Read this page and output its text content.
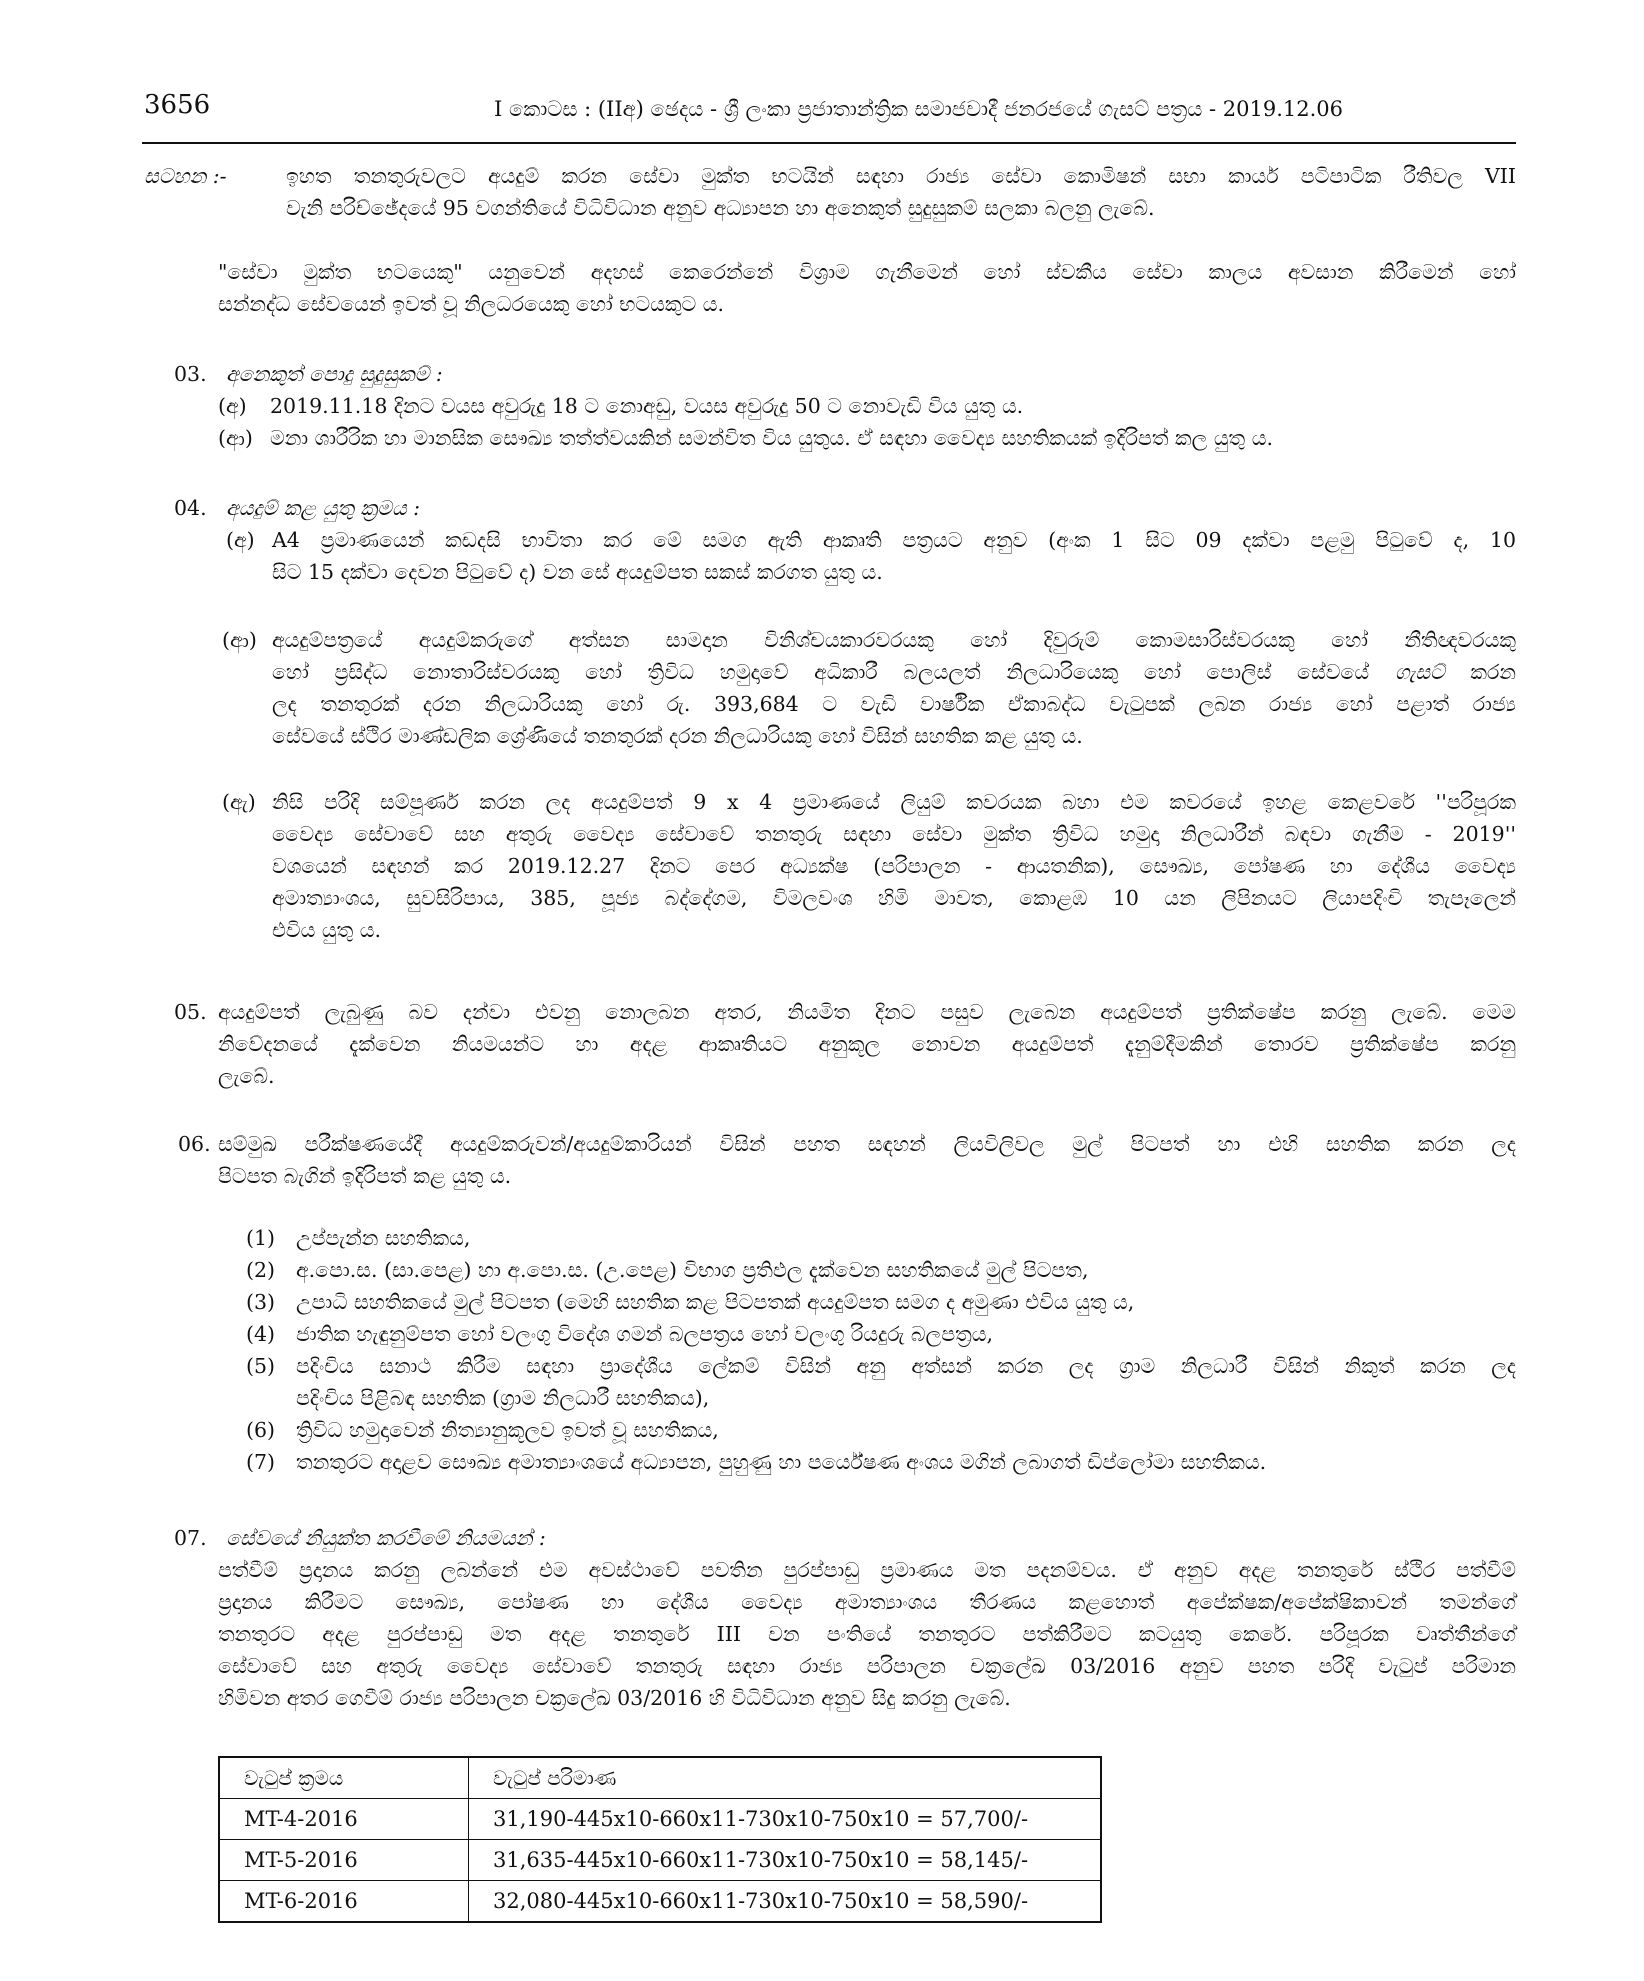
3656	I කොටස : (IIඅ) ඡෙදය - ශ්‍රී ලංකා ප්‍රජාතාන්ත්‍රික සමාජවාදී ජනරජයේ ගැසට් පත්‍රය - 2019.12.06
සටහන :-	ඉහත තනතුරුවලට අයදුම් කරන සේවා මුක්ත භටයින් සඳහා රාජ්‍ය සේවා කොමිෂන් සභා කාර්ය පටිපාටික රීතිවල VII
වැනි පරිච්ඡේදයේ 95 වගන්තියේ විධිවිධාන අනුව අධ්‍යාපන හා අනෙකුත් සුදුසුකම් සලකා බලනු ලැබේ.
"සේවා මුක්ත භටයෙකු" යනුවෙන් අදහස් කෙරෙන්නේ විශ්‍රාම ගැනීමෙන් හෝ ස්වකීය සේවා කාලය අවසාන කිරීමෙන් හෝ
සන්නද්ධ සේවයෙන් ඉවත් වූ නිලධරයෙකු හෝ භටයකුට ය.
03. අනෙකුත් පොදු සුදුසුකම් :
(අ) 2019.11.18 දිනට වයස අවුරුදු 18 ට නොඅඩු, වයස අවුරුදු 50 ට නොවැඩි විය යුතු ය.
(ආ) මනා ශාරීරික හා මානසික සෞඛ්‍ය තත්ත්වයකින් සමන්විත විය යුතුය. ඒ සඳහා වෛද්‍ය සහතිකයක් ඉදිරිපත් කල යුතු ය.
04. අයදුම් කළ යුතු ක්‍රමය :
(අ) A4 ප්‍රමාණයෙන් කඩදසි භාවිතා කර මේ සමග ඇති ආකෘති පත්‍රයට අනුව (අංක 1 සිට 09 දක්වා පළමු පිටුවේ ද, 10
සිට 15 දක්වා දෙවන පිටුවේ ද) වන සේ අයදුම්පත සකස් කරගත යුතු ය.
(ආ) අයදුම්පත්‍රයේ අයදුම්කරුගේ අත්සන සාමදාන විනිශ්චයකාරවරයකු හෝ දිවුරුම් කොමසාරිස්වරයකු හෝ නීතිඥවරයකු
හෝ ප්‍රසිද්ධ නොතාරිස්වරයකු හෝ ත්‍රිවිධ හමුදාවේ අධිකාරී බලයලත් නිලධාරියෙකු හෝ පොලිස් සේවයේ ගැසට් කරන
ලද තනතුරක් දරන නිලධාරියකු හෝ රු. 393,684 ට වැඩි වාර්ෂික ඒකාබද්ධ වැටුපක් ලබන රාජ්‍ය හෝ පළාත් රාජ්‍ය
සේවයේ ස්ථිර මාණ්ඩලික ශ්‍රේණියේ තනතුරක් දරන නිලධාරියකු හෝ විසින් සහතික කළ යුතු ය.
(ඇ) නිසි පරිදි සම්පූර්ණ කරන ලද අයදුම්පත් 9 x 4 ප්‍රමාණයේ ලියුම් කවරයක බහා එම කවරයේ ඉහළ කෙළවරේ ''පරිපූරක
වෛද්‍ය සේවාවේ සහ අතුරු වෛද්‍ය සේවාවේ තනතුරු සඳහා සේවා මුක්ත ත්‍රිවිධ හමුදා නිලධාරීන් බඳවා ගැනීම - 2019''
වශයෙන් සඳහන් කර 2019.12.27 දිනට පෙර අධ්‍යක්ෂ (පරිපාලන - ආයතනික), සෞඛ්‍ය, පෝෂණ හා දේශීය වෛද්‍ය
අමාත්‍යාංශය, සුවසිරිපාය, 385, පූජ්‍ය බද්දේගම, විමලවංශ හිමි මාවත, කොළඹ 10 යන ලිපිනයට ලියාපදිංචි තැපෑලෙන්
එවිය යුතු ය.
05. අයදුම්පත් ලැබුණු බව දන්වා එවනු නොලබන අතර, නියමිත දිනට පසුව ලැබෙන අයදුම්පත් ප්‍රතික්ෂේප කරනු ලැබේ. මෙම
නිවේදනයේ දැක්වෙන නියමයන්ට හා අදළ ආකෘතියට අනුකූල නොවන අයදුම්පත් දැනුම්දීමකින් තොරව ප්‍රතික්ෂේප කරනු
ලැබේ.
06. සම්මුඛ පරීක්ෂණයේදී අයදුම්කරුවන්/අයදුම්කාරියන් විසින් පහත සඳහන් ලියවිලිවල මුල් පිටපත් හා එහි සහතික කරන ලද
පිටපත බැගින් ඉදිරිපත් කළ යුතු ය.
(1) උප්පැන්න සහතිකය,
(2) අ.පො.ස. (සා.පෙළ) හා අ.පො.ස. (උ.පෙළ) විභාග ප්‍රතිඵල දැක්වෙන සහතිකයේ මුල් පිටපත,
(3) උපාධි සහතිකයේ මුල් පිටපත (මෙහි සහතික කළ පිටපතක් අයදුම්පත සමග ද අමුණා එවිය යුතු ය,
(4) ජාතික හැඳුනුම්පත හෝ වලංගු විදේශ ගමන් බලපත්‍රය හෝ වලංගු රියදුරු බලපත්‍රය,
(5) පදිංචිය සනාථ කිරීම සඳහා ප්‍රාදේශීය ලේකම් විසින් අනු අත්සන් කරන ලද ග්‍රාම නිලධාරී විසින් නිකුත් කරන ලද
පදිංචිය පිළිබඳ සහතික (ග්‍රාම නිලධාරී සහතිකය),
(6) ත්‍රිවිධ හමුදාවෙන් නිත්‍යානුකූලව ඉවත් වූ සහතිකය,
(7) තනතුරට අදාළව සෞඛ්‍ය අමාත්‍යාංශයේ අධ්‍යාපන, පුහුණු හා පර්යේෂණ අංශය මගින් ලබාගත් ඩිප්ලෝමා සහතිකය.
07. සේවයේ නියුක්ත කරවීමේ නියමයන් :
පත්වීම් ප්‍රදානය කරනු ලබන්නේ එම අවස්ථාවේ පවතින පුරප්පාඩු ප්‍රමාණය මත පදනම්වය. ඒ අනුව අදළ තනතුරේ ස්ථිර පත්වීම්
ප්‍රදානය කිරීමට සෞඛ්‍ය, පෝෂණ හා දේශීය වෛද්‍ය අමාත්‍යාංශය තීරණය කළහොත් අපේක්ෂක/අපේක්ෂිකාවන් තමන්ගේ
තනතුරට අදළ පුරප්පාඩු මත අදළ තනතුරේ III වන පංතියේ තනතුරට පත්කිරීමට කටයුතු කෙරේ. පරිපූරක වෘත්තීන්ගේ
සේවාවේ සහ අතුරු වෛද්‍ය සේවාවේ තනතුරු සඳහා රාජ්‍ය පරිපාලන චක්‍රලේඛ 03/2016 අනුව පහත පරිදි වැටුප් පරිමාන
හිමිවන අතර ගෙවීම් රාජ්‍ය පරිපාලන චක්‍රලේඛ 03/2016 හි විධිවිධාන අනුව සිදු කරනු ලැබේ.
වැටුප් ක්‍රමය	වැටුප් පරිමාණ
MT-4-2016	31,190-445x10-660x11-730x10-750x10 = 57,700/-
MT-5-2016	31,635-445x10-660x11-730x10-750x10 = 58,145/-
MT-6-2016	32,080-445x10-660x11-730x10-750x10 = 58,590/-
